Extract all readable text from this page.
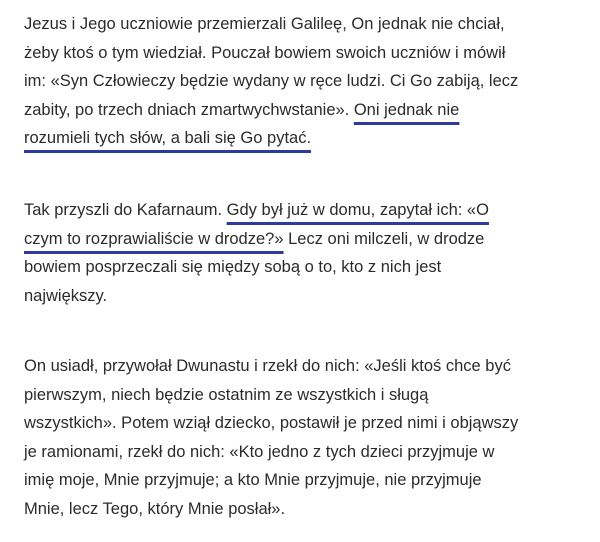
Jezus i Jego uczniowie przemierzali Galileę, On jednak nie chciał,
żeby ktoś o tym wiedział. Pouczał bowiem swoich uczniów i mówił
im: «Syn Człowieczy będzie wydany w ręce ludzi. Ci Go zabiją, lecz
zabity, po trzech dniach zmartwychwstanie». Oni jednak nie
rozumieli tych słów, a bali się Go pytać.

Tak przyszli do Kafarnaum. Gdy był już w domu, zapytał ich: «O
czym to rozprawialiście w drodze?» Lecz oni milczeli, w drodze
bowiem posprzeczali się między sobą o to, kto z nich jest
największy.

On usiadł, przywołał Dwunastu i rzekł do nich: «Jeśli ktoś chce być
pierwszym, niech będzie ostatnim ze wszystkich i sługą
wszystkich». Potem wziął dziecko, postawił je przed nimi i objąwszy
je ramionami, rzekł do nich: «Kto jedno z tych dzieci przyjmuje w
imię moje, Mnie przyjmuje; a kto Mnie przyjmuje, nie przyjmuje
Mnie, lecz Tego, który Mnie posłał».
